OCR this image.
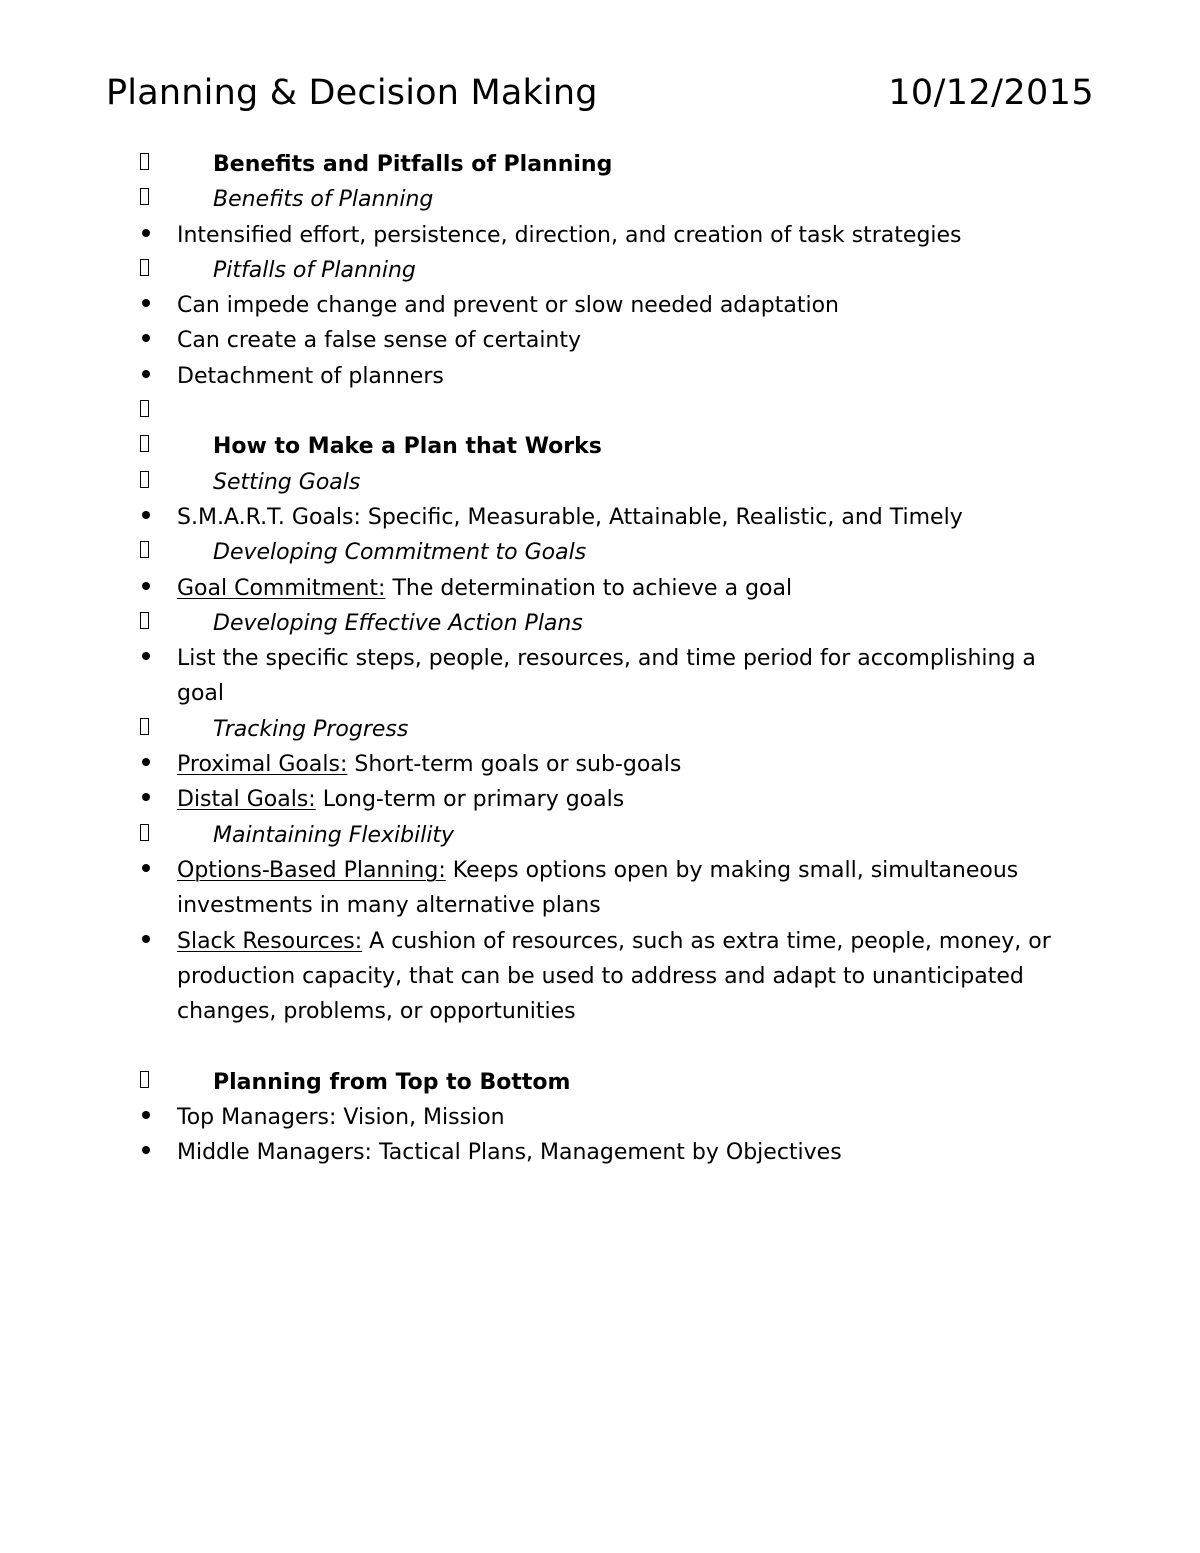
Planning & Decision Making	10/12/2015
Benefits and Pitfalls of Planning
Benefits of Planning
Intensified effort, persistence, direction, and creation of task strategies
Pitfalls of Planning
Can impede change and prevent or slow needed adaptation
Can create a false sense of certainty
Detachment of planners
How to Make a Plan that Works
Setting Goals
S.M.A.R.T. Goals: Specific, Measurable, Attainable, Realistic, and Timely
Developing Commitment to Goals
Goal Commitment: The determination to achieve a goal
Developing Effective Action Plans
List the specific steps, people, resources, and time period for accomplishing a goal
Tracking Progress
Proximal Goals: Short-term goals or sub-goals
Distal Goals: Long-term or primary goals
Maintaining Flexibility
Options-Based Planning: Keeps options open by making small, simultaneous investments in many alternative plans
Slack Resources: A cushion of resources, such as extra time, people, money, or production capacity, that can be used to address and adapt to unanticipated changes, problems, or opportunities
Planning from Top to Bottom
Top Managers: Vision, Mission
Middle Managers: Tactical Plans, Management by Objectives
